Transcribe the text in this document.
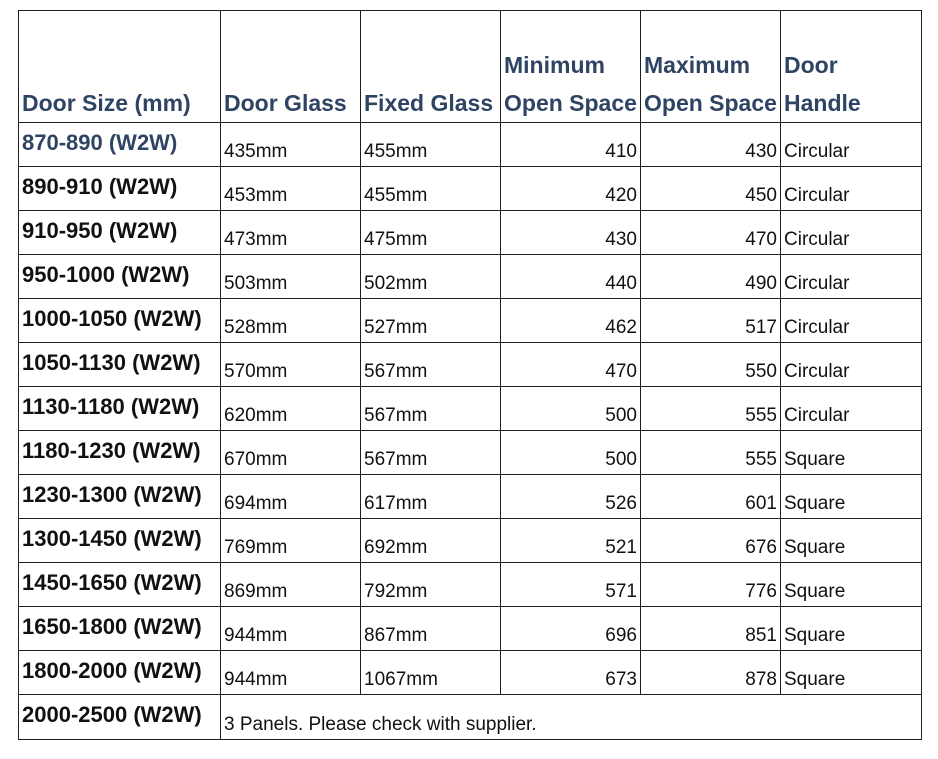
Door Size (mm)	Door Glass	Fixed Glass	Minimum Open Space	Maximum Open Space	Door Handle
870-890 (W2W)	435mm	455mm	410	430	Circular
890-910 (W2W)	453mm	455mm	420	450	Circular
910-950 (W2W)	473mm	475mm	430	470	Circular
950-1000 (W2W)	503mm	502mm	440	490	Circular
1000-1050 (W2W)	528mm	527mm	462	517	Circular
1050-1130 (W2W)	570mm	567mm	470	550	Circular
1130-1180 (W2W)	620mm	567mm	500	555	Circular
1180-1230 (W2W)	670mm	567mm	500	555	Square
1230-1300 (W2W)	694mm	617mm	526	601	Square
1300-1450 (W2W)	769mm	692mm	521	676	Square
1450-1650 (W2W)	869mm	792mm	571	776	Square
1650-1800 (W2W)	944mm	867mm	696	851	Square
1800-2000 (W2W)	944mm	1067mm	673	878	Square
2000-2500 (W2W)	3 Panels. Please check with supplier.				
